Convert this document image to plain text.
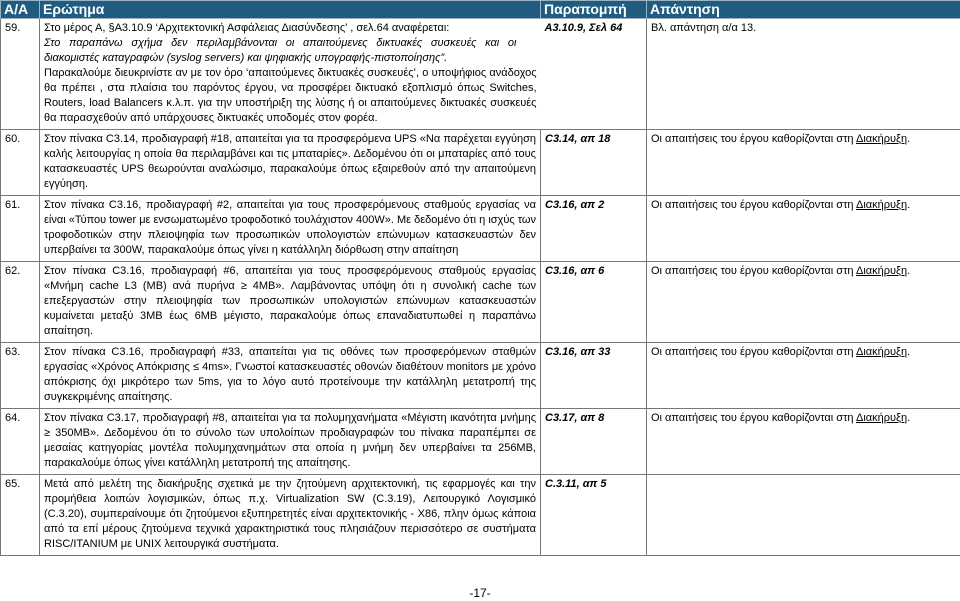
A/A	Ερώτημα	Παραπομπή	Απάντηση
59.	Στο μέρος Α, §Α3.10.9 ‘Αρχιτεκτονική Ασφάλειας Διασύνδεσης’ , σελ.64 αναφέρεται:

Στο παραπάνω σχήμα δεν περιλαμβάνονται οι απαιτούμενες δικτυακές συσκευές και οι διακομιστές καταγραφών (syslog servers) και ψηφιακής υπογραφής-πιστοποίησης”.

Παρακαλούμε διευκρινίστε αν με τον όρο ‘απαιτούμενες δικτυακές συσκευές’, ο υποψήφιος ανάδοχος θα πρέπει , στα πλαίσια του παρόντος έργου, να προσφέρει δικτυακό εξοπλισμό όπως Switches, Routers, load Balancers κ.λ.π. για την υποστήριξη της λύσης ή οι απαιτούμενες δικτυακές συσκευές θα παρασχεθούν από υπάρχουσες δικτυακές υποδομές στον φορέα.	Α3.10.9, Σελ 64	Βλ. απάντηση α/α 13.
60.	Στον πίνακα C3.14, προδιαγραφή #18, απαιτείται για τα προσφερόμενα UPS «Να παρέχεται εγγύηση καλής λειτουργίας η οποία θα περιλαμβάνει και τις μπαταρίες». Δεδομένου ότι οι μπαταρίες από τους κατασκευαστές UPS θεωρούνται αναλώσιμο, παρακαλούμε όπως εξαιρεθούν από την απαιτούμενη εγγύηση.	C3.14, απ 18	Οι απαιτήσεις του έργου καθορίζονται στη Διακήρυξη.
61.	Στον πίνακα C3.16, προδιαγραφή #2, απαιτείται για τους προσφερόμενους σταθμούς εργασίας να είναι «Τύπου tower με ενσωματωμένο τροφοδοτικό τουλάχιστον 400W». Με δεδομένο ότι η ισχύς των τροφοδοτικών στην πλειοψηφία των προσωπικών υπολογιστών επώνυμων κατασκευαστών δεν υπερβαίνει τα 300W, παρακαλούμε όπως γίνει η κατάλληλη διόρθωση στην απαίτηση	C3.16, απ 2	Οι απαιτήσεις του έργου καθορίζονται στη Διακήρυξη.
62.	Στον πίνακα C3.16, προδιαγραφή #6, απαιτείται για τους προσφερόμενους σταθμούς εργασίας «Μνήμη cache L3 (MB) ανά πυρήνα ≥ 4MB». Λαμβάνοντας υπόψη ότι η συνολική cache των επεξεργαστών στην πλειοψηφία των προσωπικών υπολογιστών επώνυμων κατασκευαστών κυμαίνεται μεταξύ 3MB έως 6MB μέγιστο, παρακαλούμε όπως επαναδιατυπωθεί η παραπάνω απαίτηση.	C3.16, απ 6	Οι απαιτήσεις του έργου καθορίζονται στη Διακήρυξη.
63.	Στον πίνακα C3.16, προδιαγραφή #33, απαιτείται για τις οθόνες των προσφερόμενων σταθμών εργασίας «Χρόνος Απόκρισης ≤ 4ms». Γνωστοί κατασκευαστές οθονών διαθέτουν monitors με χρόνο απόκρισης όχι μικρότερο των 5ms, για το λόγο αυτό προτείνουμε την κατάλληλη μετατροπή της συγκεκριμένης απαίτησης.	C3.16, απ 33	Οι απαιτήσεις του έργου καθορίζονται στη Διακήρυξη.
64.	Στον πίνακα C3.17, προδιαγραφή #8, απαιτείται για τα πολυμηχανήματα «Μέγιστη ικανότητα μνήμης ≥ 350MB». Δεδομένου ότι το σύνολο των υπολοίπων προδιαγραφών του πίνακα παραπέμπει σε μεσαίας κατηγορίας μοντέλα πολυμηχανημάτων στα οποία η μνήμη δεν υπερβαίνει τα 256MB, παρακαλούμε όπως γίνει κατάλληλη μετατροπή της απαίτησης.	C3.17, απ 8	Οι απαιτήσεις του έργου καθορίζονται στη Διακήρυξη.
65.	Μετά από μελέτη της διακήρυξης σχετικά με την ζητούμενη αρχιτεκτονική, τις εφαρμογές και την προμήθεια λοιπών λογισμικών, όπως π.χ. Virtualization SW (C.3.19), Λειτουργικό Λογισμικό (C.3.20), συμπεραίνουμε ότι ζητούμενοι εξυπηρετητές είναι αρχιτεκτονικής - X86, πλην όμως κάποια από τα επί μέρους ζητούμενα τεχνικά χαρακτηριστικά τους πλησιάζουν περισσότερο σε συστήματα RISC/ITANIUM με UNIX λειτουργικά συστήματα.	C.3.11, απ 5	
-17-
